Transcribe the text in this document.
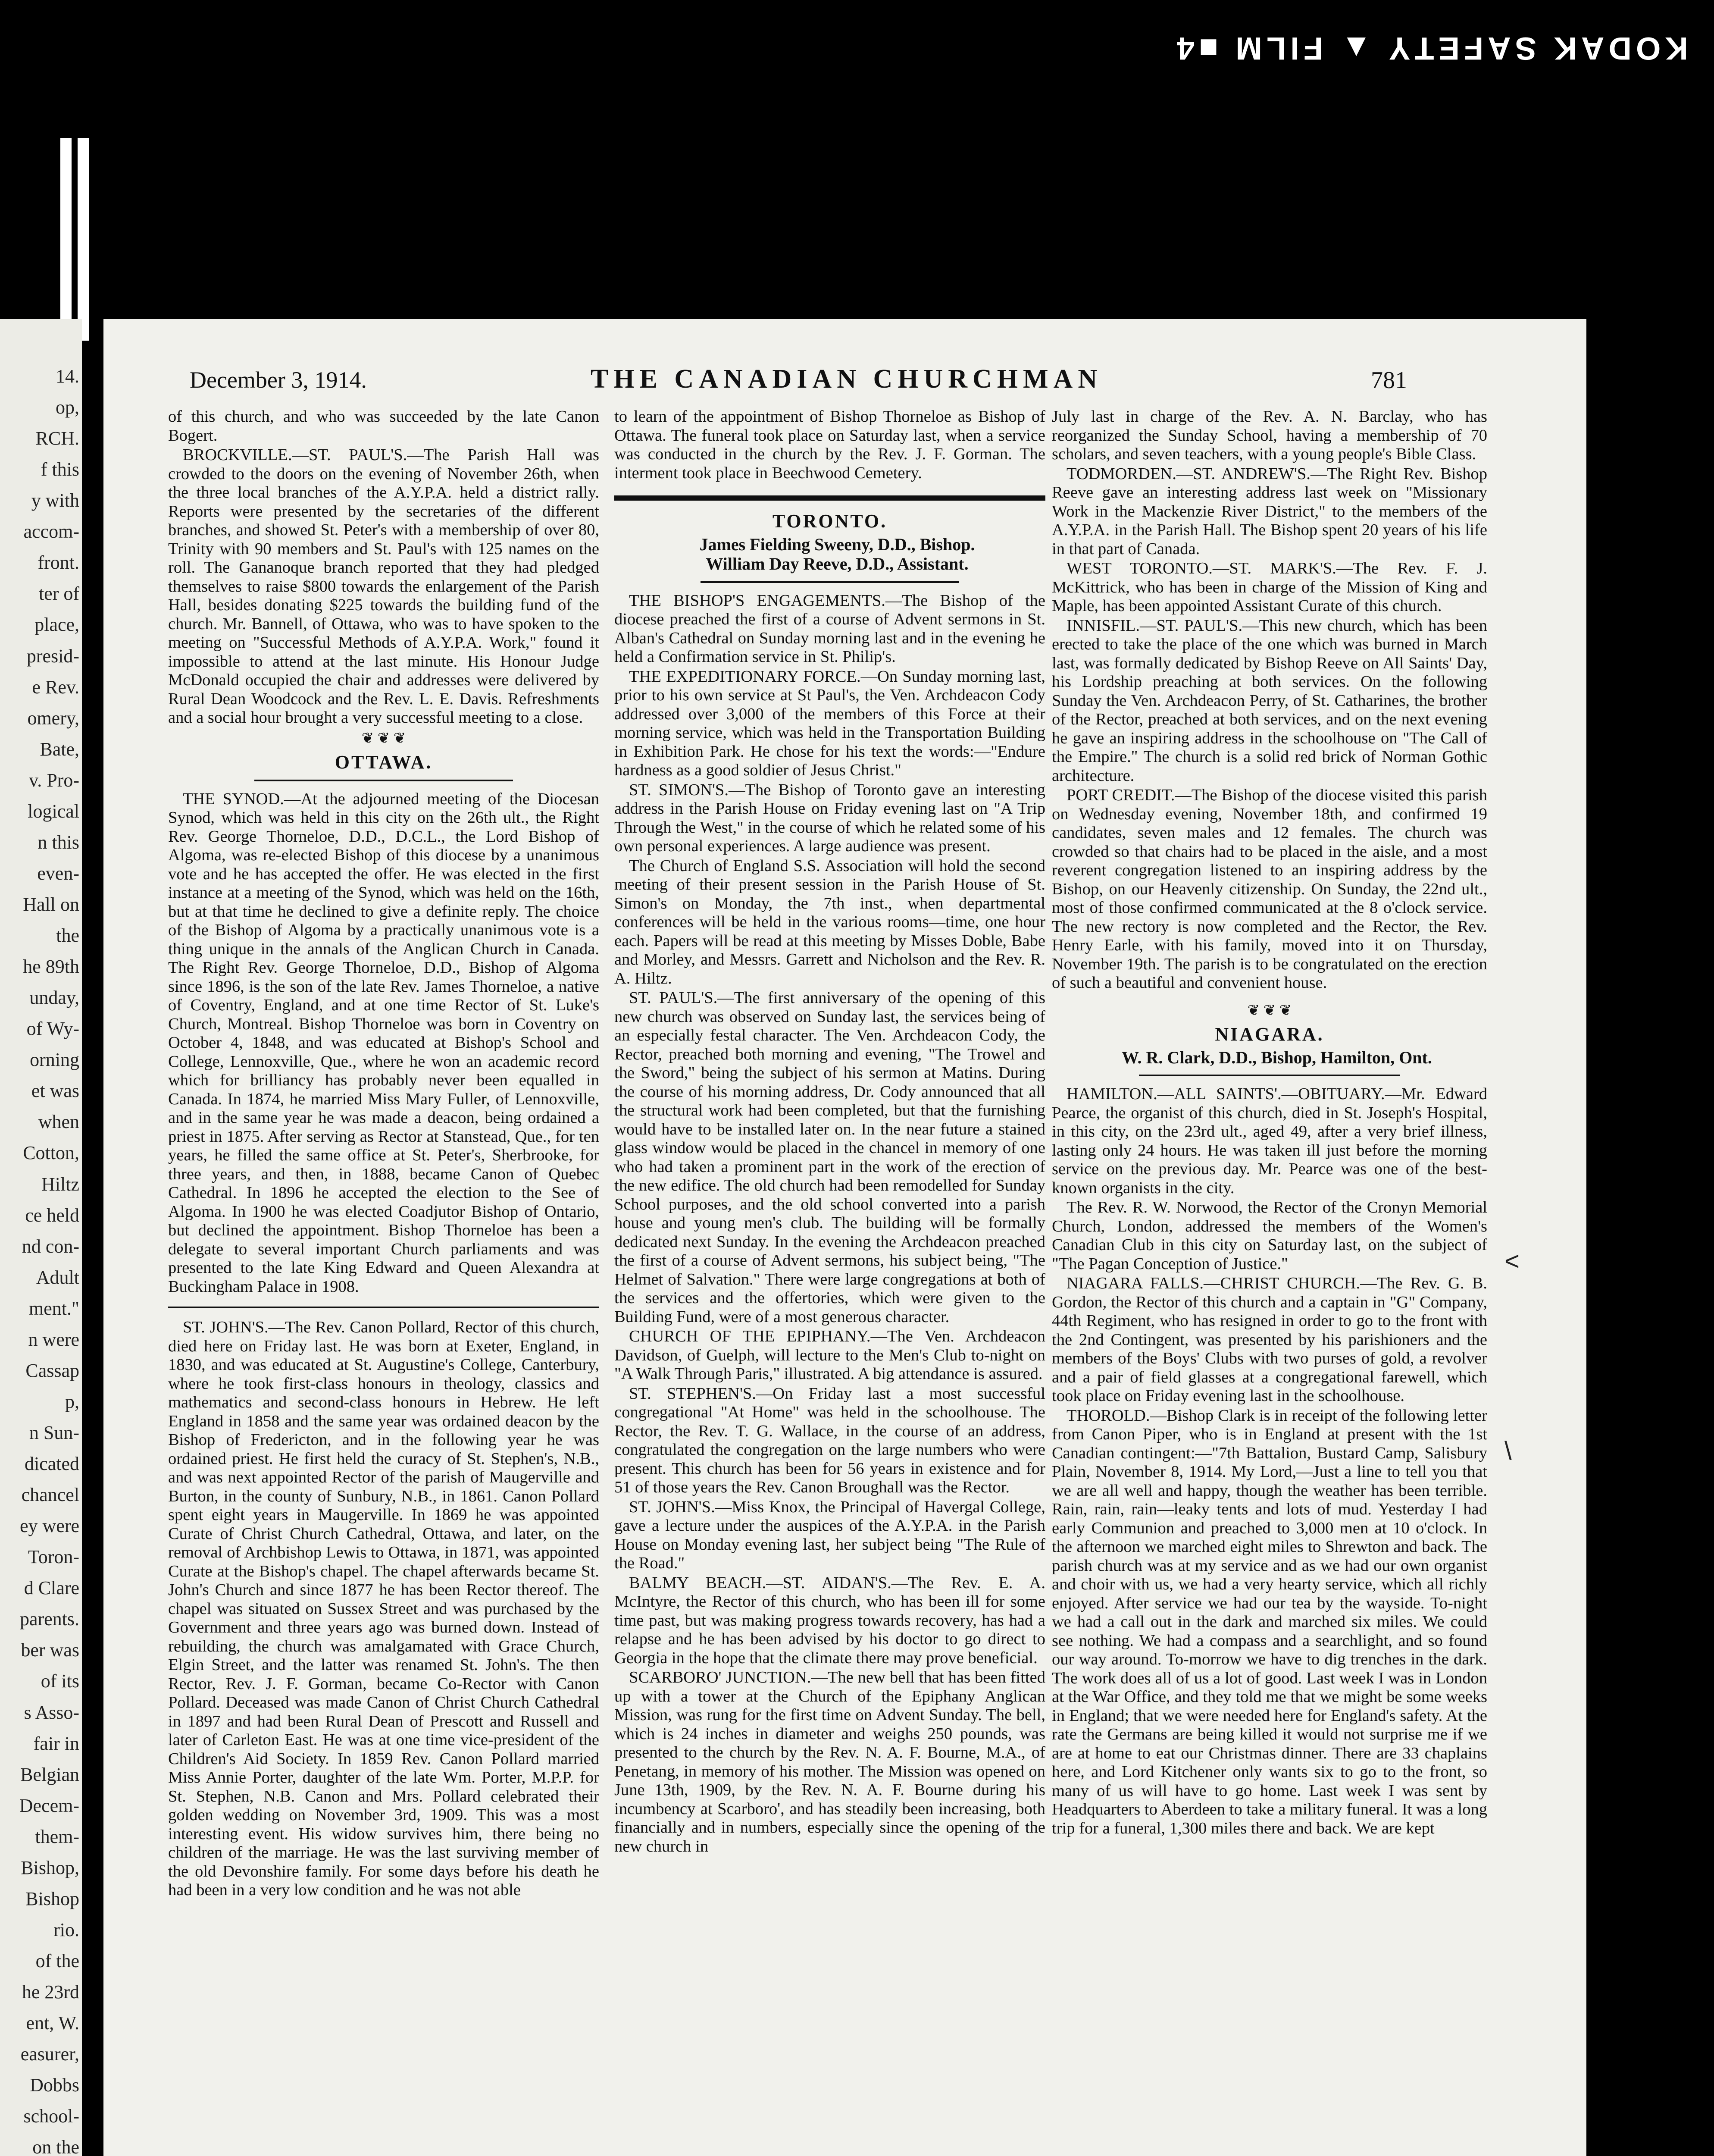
KODAK SAFETY ▲ FILM ■4
14.
op,
RCH.
f this
y with
accom-
front.
ter of
place,
presid-
e Rev.
omery,
Bate,
v. Pro-
logical
n this
even-
Hall on
the
he 89th
unday,
of Wy-
orning
et was
when
Cotton,
Hiltz
ce held
nd con-
Adult
ment."
n were
Cassap
p,
n Sun-
dicated
chancel
ey were
Toron-
d Clare
parents.
ber was
of its
s Asso-
fair in
Belgian
Decem-
them-
Bishop,
Bishop
rio.
of the
he 23rd
ent, W.
easurer,
Dobbs
school-
on the
December 3, 1914.	THE CANADIAN CHURCHMAN	781

of this church, and who was succeeded by the late Canon Bogert.

BROCKVILLE.—ST. PAUL'S.—The Parish Hall was crowded to the doors on the evening of November 26th, when the three local branches of the A.Y.P.A. held a district rally. Reports were presented by the secretaries of the different branches, and showed St. Peter's with a membership of over 80, Trinity with 90 members and St. Paul's with 125 names on the roll. The Gananoque branch reported that they had pledged themselves to raise $800 towards the enlargement of the Parish Hall, besides donating $225 towards the building fund of the church. Mr. Bannell, of Ottawa, who was to have spoken to the meeting on "Successful Methods of A.Y.P.A. Work," found it impossible to attend at the last minute. His Honour Judge McDonald occupied the chair and addresses were delivered by Rural Dean Woodcock and the Rev. L. E. Davis. Refreshments and a social hour brought a very successful meeting to a close.

❦ ❦ ❦
OTTAWA.

THE SYNOD.—At the adjourned meeting of the Diocesan Synod, which was held in this city on the 26th ult., the Right Rev. George Thorneloe, D.D., D.C.L., the Lord Bishop of Algoma, was re-elected Bishop of this diocese by a unanimous vote and he has accepted the offer. He was elected in the first instance at a meeting of the Synod, which was held on the 16th, but at that time he declined to give a definite reply. The choice of the Bishop of Algoma by a practically unanimous vote is a thing unique in the annals of the Anglican Church in Canada. The Right Rev. George Thorneloe, D.D., Bishop of Algoma since 1896, is the son of the late Rev. James Thorneloe, a native of Coventry, England, and at one time Rector of St. Luke's Church, Montreal. Bishop Thorneloe was born in Coventry on October 4, 1848, and was educated at Bishop's School and College, Lennoxville, Que., where he won an academic record which for brilliancy has probably never been equalled in Canada. In 1874, he married Miss Mary Fuller, of Lennoxville, and in the same year he was made a deacon, being ordained a priest in 1875. After serving as Rector at Stanstead, Que., for ten years, he filled the same office at St. Peter's, Sherbrooke, for three years, and then, in 1888, became Canon of Quebec Cathedral. In 1896 he accepted the election to the See of Algoma. In 1900 he was elected Coadjutor Bishop of Ontario, but declined the appointment. Bishop Thorneloe has been a delegate to several important Church parliaments and was presented to the late King Edward and Queen Alexandra at Buckingham Palace in 1908.

ST. JOHN'S.—The Rev. Canon Pollard, Rector of this church, died here on Friday last. He was born at Exeter, England, in 1830, and was educated at St. Augustine's College, Canterbury, where he took first-class honours in theology, classics and mathematics and second-class honours in Hebrew. He left England in 1858 and the same year was ordained deacon by the Bishop of Fredericton, and in the following year he was ordained priest. He first held the curacy of St. Stephen's, N.B., and was next appointed Rector of the parish of Maugerville and Burton, in the county of Sunbury, N.B., in 1861. Canon Pollard spent eight years in Maugerville. In 1869 he was appointed Curate of Christ Church Cathedral, Ottawa, and later, on the removal of Archbishop Lewis to Ottawa, in 1871, was appointed Curate at the Bishop's chapel. The chapel afterwards became St. John's Church and since 1877 he has been Rector thereof. The chapel was situated on Sussex Street and was purchased by the Government and three years ago was burned down. Instead of rebuilding, the church was amalgamated with Grace Church, Elgin Street, and the latter was renamed St. John's. The then Rector, Rev. J. F. Gorman, became Co-Rector with Canon Pollard. Deceased was made Canon of Christ Church Cathedral in 1897 and had been Rural Dean of Prescott and Russell and later of Carleton East. He was at one time vice-president of the Children's Aid Society. In 1859 Rev. Canon Pollard married Miss Annie Porter, daughter of the late Wm. Porter, M.P.P. for St. Stephen, N.B. Canon and Mrs. Pollard celebrated their golden wedding on November 3rd, 1909. This was a most interesting event. His widow survives him, there being no children of the marriage. He was the last surviving member of the old Devonshire family. For some days before his death he had been in a very low condition and he was not able

to learn of the appointment of Bishop Thorneloe as Bishop of Ottawa. The funeral took place on Saturday last, when a service was conducted in the church by the Rev. J. F. Gorman. The interment took place in Beechwood Cemetery.

TORONTO.

James Fielding Sweeny, D.D., Bishop.

William Day Reeve, D.D., Assistant.

THE BISHOP'S ENGAGEMENTS.—The Bishop of the diocese preached the first of a course of Advent sermons in St. Alban's Cathedral on Sunday morning last and in the evening he held a Confirmation service in St. Philip's.

THE EXPEDITIONARY FORCE.—On Sunday morning last, prior to his own service at St Paul's, the Ven. Archdeacon Cody addressed over 3,000 of the members of this Force at their morning service, which was held in the Transportation Building in Exhibition Park. He chose for his text the words:—"Endure hardness as a good soldier of Jesus Christ."

ST. SIMON'S.—The Bishop of Toronto gave an interesting address in the Parish House on Friday evening last on "A Trip Through the West," in the course of which he related some of his own personal experiences. A large audience was present.

The Church of England S.S. Association will hold the second meeting of their present session in the Parish House of St. Simon's on Monday, the 7th inst., when departmental conferences will be held in the various rooms—time, one hour each. Papers will be read at this meeting by Misses Doble, Babe and Morley, and Messrs. Garrett and Nicholson and the Rev. R. A. Hiltz.

ST. PAUL'S.—The first anniversary of the opening of this new church was observed on Sunday last, the services being of an especially festal character. The Ven. Archdeacon Cody, the Rector, preached both morning and evening, "The Trowel and the Sword," being the subject of his sermon at Matins. During the course of his morning address, Dr. Cody announced that all the structural work had been completed, but that the furnishing would have to be installed later on. In the near future a stained glass window would be placed in the chancel in memory of one who had taken a prominent part in the work of the erection of the new edifice. The old church had been remodelled for Sunday School purposes, and the old school converted into a parish house and young men's club. The building will be formally dedicated next Sunday. In the evening the Archdeacon preached the first of a course of Advent sermons, his subject being, "The Helmet of Salvation." There were large congregations at both of the services and the offertories, which were given to the Building Fund, were of a most generous character.

CHURCH OF THE EPIPHANY.—The Ven. Archdeacon Davidson, of Guelph, will lecture to the Men's Club to-night on "A Walk Through Paris," illustrated. A big attendance is assured.

ST. STEPHEN'S.—On Friday last a most successful congregational "At Home" was held in the schoolhouse. The Rector, the Rev. T. G. Wallace, in the course of an address, congratulated the congregation on the large numbers who were present. This church has been for 56 years in existence and for 51 of those years the Rev. Canon Broughall was the Rector.

ST. JOHN'S.—Miss Knox, the Principal of Havergal College, gave a lecture under the auspices of the A.Y.P.A. in the Parish House on Monday evening last, her subject being "The Rule of the Road."

BALMY BEACH.—ST. AIDAN'S.—The Rev. E. A. McIntyre, the Rector of this church, who has been ill for some time past, but was making progress towards recovery, has had a relapse and he has been advised by his doctor to go direct to Georgia in the hope that the climate there may prove beneficial.

SCARBORO' JUNCTION.—The new bell that has been fitted up with a tower at the Church of the Epiphany Anglican Mission, was rung for the first time on Advent Sunday. The bell, which is 24 inches in diameter and weighs 250 pounds, was presented to the church by the Rev. N. A. F. Bourne, M.A., of Penetang, in memory of his mother. The Mission was opened on June 13th, 1909, by the Rev. N. A. F. Bourne during his incumbency at Scarboro', and has steadily been increasing, both financially and in numbers, especially since the opening of the new church in

July last in charge of the Rev. A. N. Barclay, who has reorganized the Sunday School, having a membership of 70 scholars, and seven teachers, with a young people's Bible Class.

TODMORDEN.—ST. ANDREW'S.—The Right Rev. Bishop Reeve gave an interesting address last week on "Missionary Work in the Mackenzie River District," to the members of the A.Y.P.A. in the Parish Hall. The Bishop spent 20 years of his life in that part of Canada.

WEST TORONTO.—ST. MARK'S.—The Rev. F. J. McKittrick, who has been in charge of the Mission of King and Maple, has been appointed Assistant Curate of this church.

INNISFIL.—ST. PAUL'S.—This new church, which has been erected to take the place of the one which was burned in March last, was formally dedicated by Bishop Reeve on All Saints' Day, his Lordship preaching at both services. On the following Sunday the Ven. Archdeacon Perry, of St. Catharines, the brother of the Rector, preached at both services, and on the next evening he gave an inspiring address in the schoolhouse on "The Call of the Empire." The church is a solid red brick of Norman Gothic architecture.

PORT CREDIT.—The Bishop of the diocese visited this parish on Wednesday evening, November 18th, and confirmed 19 candidates, seven males and 12 females. The church was crowded so that chairs had to be placed in the aisle, and a most reverent congregation listened to an inspiring address by the Bishop, on our Heavenly citizenship. On Sunday, the 22nd ult., most of those confirmed communicated at the 8 o'clock service. The new rectory is now completed and the Rector, the Rev. Henry Earle, with his family, moved into it on Thursday, November 19th. The parish is to be congratulated on the erection of such a beautiful and convenient house.

❦ ❦ ❦
NIAGARA.

W. R. Clark, D.D., Bishop, Hamilton, Ont.

HAMILTON.—ALL SAINTS'.—OBITUARY.—Mr. Edward Pearce, the organist of this church, died in St. Joseph's Hospital, in this city, on the 23rd ult., aged 49, after a very brief illness, lasting only 24 hours. He was taken ill just before the morning service on the previous day. Mr. Pearce was one of the best-known organists in the city.

The Rev. R. W. Norwood, the Rector of the Cronyn Memorial Church, London, addressed the members of the Women's Canadian Club in this city on Saturday last, on the subject of "The Pagan Conception of Justice."

NIAGARA FALLS.—CHRIST CHURCH.—The Rev. G. B. Gordon, the Rector of this church and a captain in "G" Company, 44th Regiment, who has resigned in order to go to the front with the 2nd Contingent, was presented by his parishioners and the members of the Boys' Clubs with two purses of gold, a revolver and a pair of field glasses at a congregational farewell, which took place on Friday evening last in the schoolhouse.

THOROLD.—Bishop Clark is in receipt of the following letter from Canon Piper, who is in England at present with the 1st Canadian contingent:—"7th Battalion, Bustard Camp, Salisbury Plain, November 8, 1914. My Lord,—Just a line to tell you that we are all well and happy, though the weather has been terrible. Rain, rain, rain—leaky tents and lots of mud. Yesterday I had early Communion and preached to 3,000 men at 10 o'clock. In the afternoon we marched eight miles to Shrewton and back. The parish church was at my service and as we had our own organist and choir with us, we had a very hearty service, which all richly enjoyed. After service we had our tea by the wayside. To-night we had a call out in the dark and marched six miles. We could see nothing. We had a compass and a searchlight, and so found our way around. To-morrow we have to dig trenches in the dark. The work does all of us a lot of good. Last week I was in London at the War Office, and they told me that we might be some weeks in England; that we were needed here for England's safety. At the rate the Germans are being killed it would not surprise me if we are at home to eat our Christmas dinner. There are 33 chaplains here, and Lord Kitchener only wants six to go to the front, so many of us will have to go home. Last week I was sent by Headquarters to Aberdeen to take a military funeral. It was a long trip for a funeral, 1,300 miles there and back. We are kept

<
\
